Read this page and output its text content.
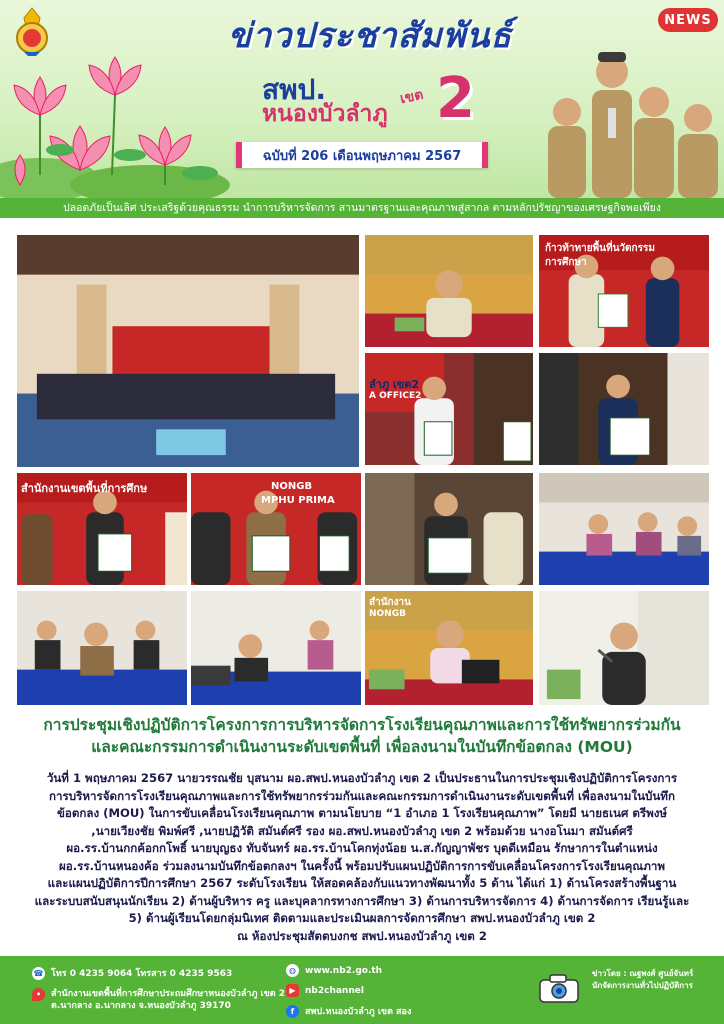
ข่าวประชาสัมพันธ์
สพป.
หนองบัวลำภู
เขต 2
ฉบับที่ 206 เดือนพฤษภาคม 2567
NEWS
ปลอดภัยเป็นเลิศ ประเสริฐด้วยคุณธรรม นำการบริหารจัดการ สานมาตรฐานและคุณภาพสู่สากล ตามหลักปรัชญาของเศรษฐกิจพอเพียง
ก้าวท้าทายพื้นที่นวัตกรรม
การศึกษา
ลำภู เขต2
A OFFICE2
สำนักงานเขตพื้นที่การศึกษ	NONGB
MPHU PRIMA
สำนักงาน
NONGB
การประชุมเชิงปฏิบัติการโครงการการบริหารจัดการโรงเรียนคุณภาพและการใช้ทรัพยากรร่วมกัน
และคณะกรรมการดำเนินงานระดับเขตพื้นที่ เพื่อลงนามในบันทึกข้อตกลง (MOU)
วันที่ 1 พฤษภาคม 2567 นายวรรณชัย บุสนาม ผอ.สพป.หนองบัวลำภู เขต 2 เป็นประธานในการประชุมเชิงปฏิบัติการโครงการ
การบริหารจัดการโรงเรียนคุณภาพและการใช้ทรัพยากรร่วมกันและคณะกรรมการดำเนินงานระดับเขตพื้นที่ เพื่อลงนามในบันทึก
ข้อตกลง (MOU) ในการขับเคลื่อนโรงเรียนคุณภาพ ตามนโยบาย “1 อำเภอ 1 โรงเรียนคุณภาพ” โดยมี นายธเนศ ตรีพงษ์
,นายเวียงชัย พิมพ์ศรี ,นายปฏิวัติ สมันต์ศรี รอง ผอ.สพป.หนองบัวลำภู เขต 2 พร้อมด้วย นางอโนมา สมันต์ศรี
ผอ.รร.บ้านกกค้อกกโพธิ์ นายบุญธง ทับจันทร์ ผอ.รร.บ้านโคกทุ่งน้อย น.ส.กัญญาพัชร บุตดีเหมือน รักษาการในตำแหน่ง
ผอ.รร.บ้านหนองค้อ ร่วมลงนามบันทึกข้อตกลงฯ ในครั้งนี้ พร้อมปรับแผนปฏิบัติการการขับเคลื่อนโครงการโรงเรียนคุณภาพ
และแผนปฏิบัติการปีการศึกษา 2567 ระดับโรงเรียน ให้สอดคล้องกับแนวทางพัฒนาทั้ง 5 ด้าน ได้แก่ 1) ด้านโครงสร้างพื้นฐาน
และระบบสนับสนุนนักเรียน 2) ด้านผู้บริหาร ครู และบุคลากรทางการศึกษา 3) ด้านการบริหารจัดการ 4) ด้านการจัดการ เรียนรู้และ
5) ด้านผู้เรียนโดยกลุ่มนิเทศ ติดตามและประเมินผลการจัดการศึกษา สพป.หนองบัวลำภู เขต 2
ณ ห้องประชุมสัตตบงกช สพป.หนองบัวลำภู เขต 2
☎ โทร 0 4235 9064 โทรสาร 0 4235 9563
•	สำนักงานเขตพื้นที่การศึกษาประถมศึกษาหนองบัวลำภู เขต 2
ต.นากลาง อ.นากลาง จ.หนองบัวลำภู 39170
◍	www.nb2.go.th
▶	nb2channel
f	สพป.หนองบัวลำภู เขต สอง
ข่าวโดย : ณฐพงศ์ ศูนย์จันทร์
นักจัดการงานทั่วไปปฏิบัติการ
